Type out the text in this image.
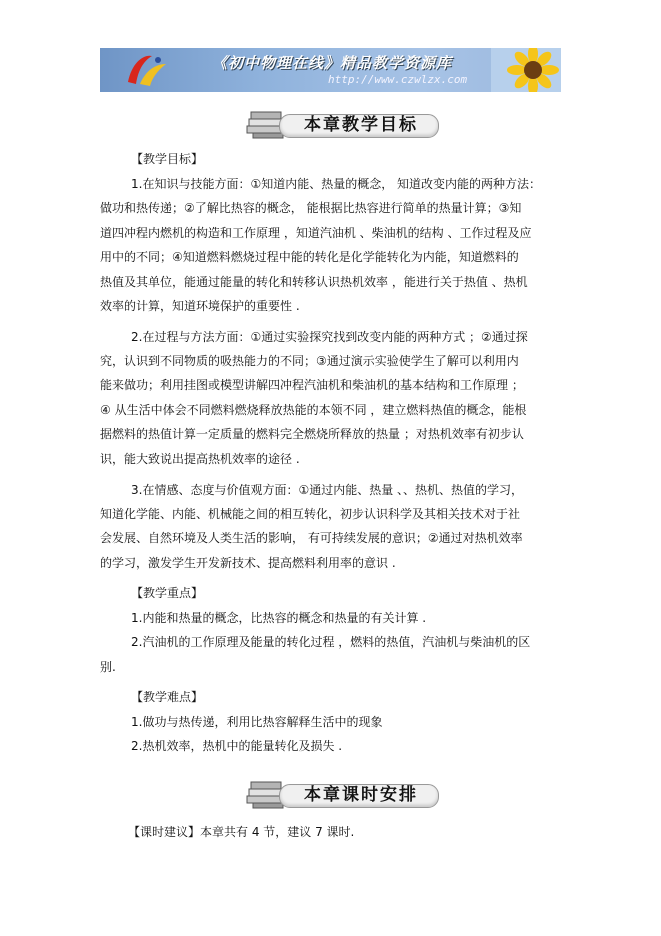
《初中物理在线》精品教学资源库
http://www.czwlzx.com
本章教学目标
【教学目标】
1.在知识与技能方面：①知道内能、热量的概念， 知道改变内能的两种方法：
做功和热传递；②了解比热容的概念， 能根据比热容进行简单的热量计算；③知
道四冲程内燃机的构造和工作原理 ，知道汽油机 、柴油机的结构 、工作过程及应
用中的不同；④知道燃料燃烧过程中能的转化是化学能转化为内能，知道燃料的
热值及其单位，能通过能量的转化和转移认识热机效率 ，能进行关于热值 、热机
效率的计算，知道环境保护的重要性 .
2.在过程与方法方面：①通过实验探究找到改变内能的两种方式 ；②通过探
究，认识到不同物质的吸热能力的不同；③通过演示实验使学生了解可以利用内
能来做功；利用挂图或模型讲解四冲程汽油机和柴油机的基本结构和工作原理 ；
④ 从生活中体会不同燃料燃烧释放热能的本领不同 ，建立燃料热值的概念，能根
据燃料的热值计算一定质量的燃料完全燃烧所释放的热量 ；对热机效率有初步认
识，能大致说出提高热机效率的途径 .
3.在情感、态度与价值观方面：①通过内能、热量 、、热机、热值的学习，
知道化学能、内能、机械能之间的相互转化，初步认识科学及其相关技术对于社
会发展、自然环境及人类生活的影响， 有可持续发展的意识；②通过对热机效率
的学习，激发学生开发新技术、提高燃料利用率的意识 .
【教学重点】
1.内能和热量的概念，比热容的概念和热量的有关计算 .
2.汽油机的工作原理及能量的转化过程 ，燃料的热值，汽油机与柴油机的区
别.
【教学难点】
1.做功与热传递，利用比热容解释生活中的现象
2.热机效率，热机中的能量转化及损失 .
本章课时安排
【课时建议】本章共有 4 节，建议 7 课时.
